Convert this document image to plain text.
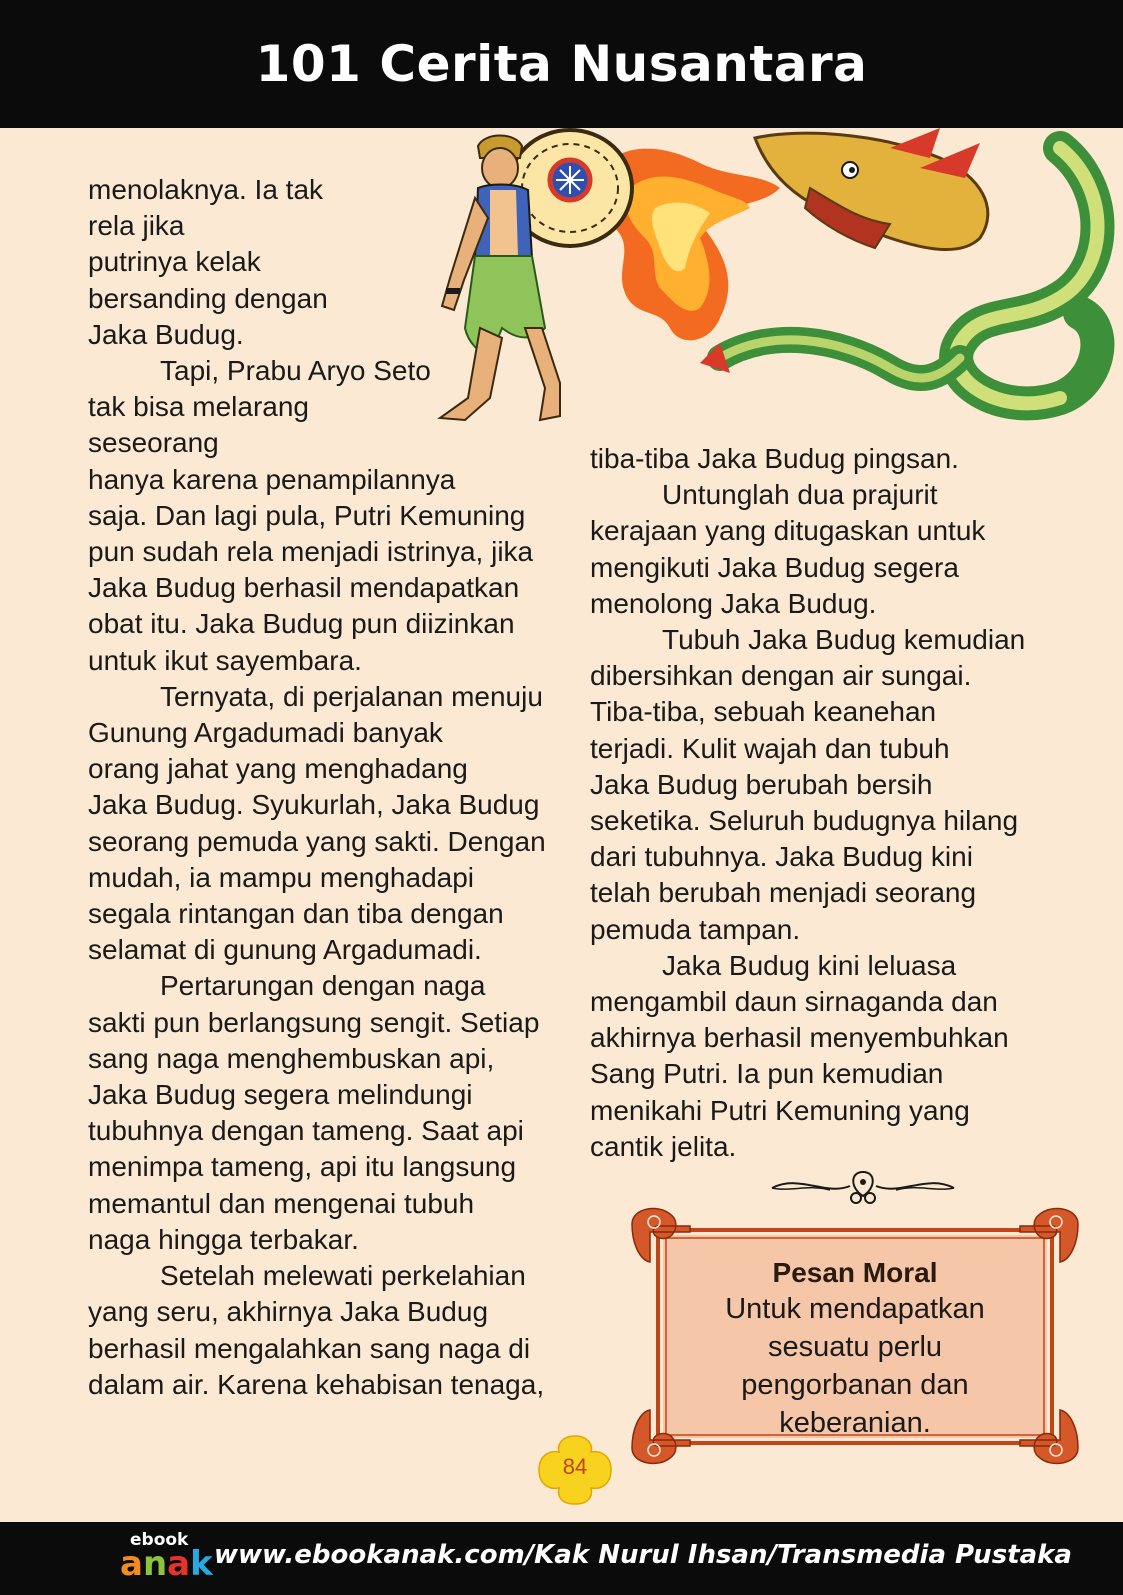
101 Cerita Nusantara
menolaknya. Ia tak
rela jika
putrinya kelak
bersanding dengan
Jaka Budug.
Tapi, Prabu Aryo Seto
tak bisa melarang
seseorang
hanya karena penampilannya
saja. Dan lagi pula, Putri Kemuning
pun sudah rela menjadi istrinya, jika
Jaka Budug berhasil mendapatkan
obat itu. Jaka Budug pun diizinkan
untuk ikut sayembara.
Ternyata, di perjalanan menuju
Gunung Argadumadi banyak
orang jahat yang menghadang
Jaka Budug. Syukurlah, Jaka Budug
seorang pemuda yang sakti. Dengan
mudah, ia mampu menghadapi
segala rintangan dan tiba dengan
selamat di gunung Argadumadi.
Pertarungan dengan naga
sakti pun berlangsung sengit. Setiap
sang naga menghembuskan api,
Jaka Budug segera melindungi
tubuhnya dengan tameng. Saat api
menimpa tameng, api itu langsung
memantul dan mengenai tubuh
naga hingga terbakar.
Setelah melewati perkelahian
yang seru, akhirnya Jaka Budug
berhasil mengalahkan sang naga di
dalam air. Karena kehabisan tenaga,
tiba-tiba Jaka Budug pingsan.
Untunglah dua prajurit
kerajaan yang ditugaskan untuk
mengikuti Jaka Budug segera
menolong Jaka Budug.
Tubuh Jaka Budug kemudian
dibersihkan dengan air sungai.
Tiba-tiba, sebuah keanehan
terjadi. Kulit wajah dan tubuh
Jaka Budug berubah bersih
seketika. Seluruh budugnya hilang
dari tubuhnya. Jaka Budug kini
telah berubah menjadi seorang
pemuda tampan.
Jaka Budug kini leluasa
mengambil daun sirnaganda dan
akhirnya berhasil menyembuhkan
Sang Putri. Ia pun kemudian
menikahi Putri Kemuning yang
cantik jelita.
Pesan Moral
Untuk mendapatkan
sesuatu perlu
pengorbanan dan
keberanian.
84
ebook
anak www.ebookanak.com/Kak Nurul Ihsan/Transmedia Pustaka
